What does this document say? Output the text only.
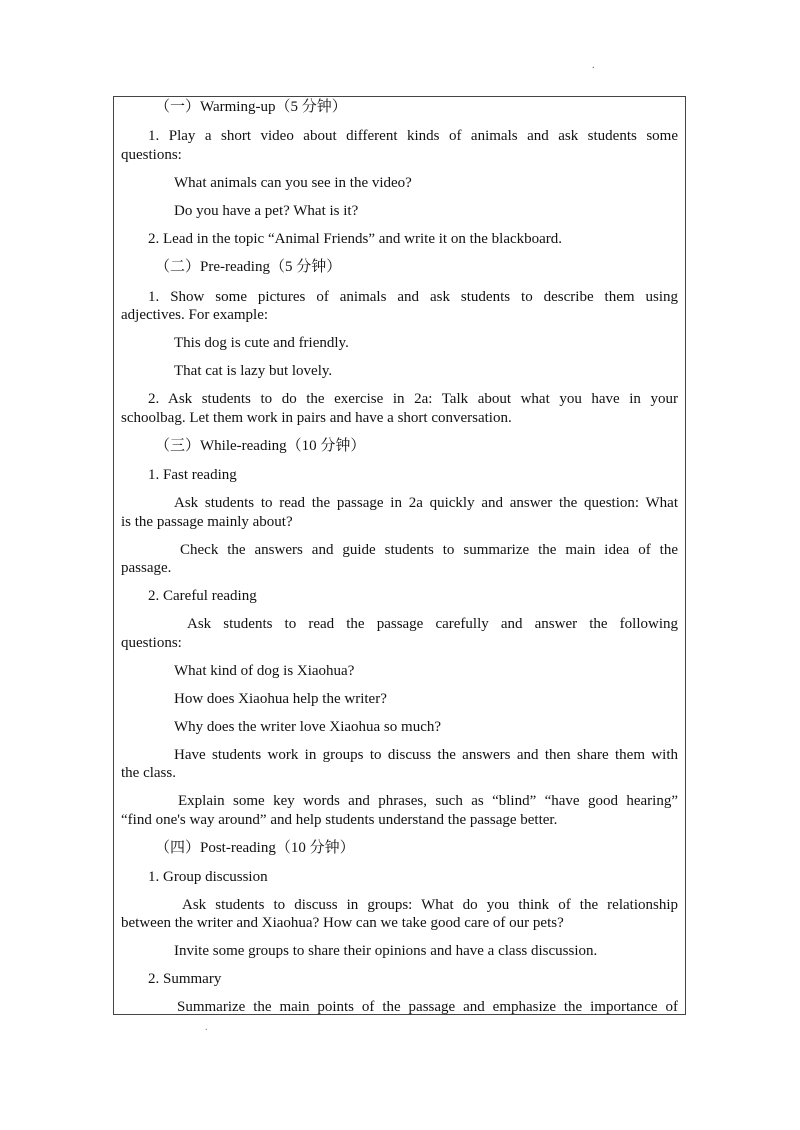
.
（一）Warming-up（5 分钟）
1. Play a short video about different kinds of animals and ask students some
questions:
What animals can you see in the video?
Do you have a pet? What is it?
2. Lead in the topic “Animal Friends” and write it on the blackboard.
（二）Pre-reading（5 分钟）
1. Show some pictures of animals and ask students to describe them using
adjectives. For example:
This dog is cute and friendly.
That cat is lazy but lovely.
2. Ask students to do the exercise in 2a: Talk about what you have in your
schoolbag. Let them work in pairs and have a short conversation.
（三）While-reading（10 分钟）
1. Fast reading
Ask students to read the passage in 2a quickly and answer the question: What
is the passage mainly about?
Check the answers and guide students to summarize the main idea of the
passage.
2. Careful reading
Ask students to read the passage carefully and answer the following
questions:
What kind of dog is Xiaohua?
How does Xiaohua help the writer?
Why does the writer love Xiaohua so much?
Have students work in groups to discuss the answers and then share them with
the class.
Explain some key words and phrases, such as “blind” “have good hearing”
“find one's way around” and help students understand the passage better.
（四）Post-reading（10 分钟）
1. Group discussion
Ask students to discuss in groups: What do you think of the relationship
between the writer and Xiaohua? How can we take good care of our pets?
Invite some groups to share their opinions and have a class discussion.
2. Summary
Summarize the main points of the passage and emphasize the importance of
.
